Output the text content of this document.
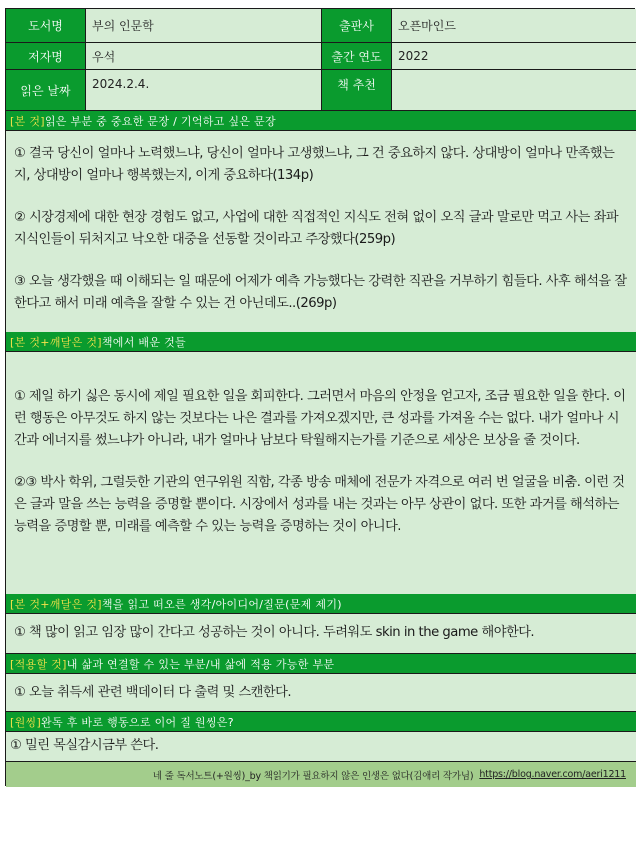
도서명	부의 인문학	출판사	오픈마인드
저자명	우석	출간 연도	2022
읽은 날짜	2024.2.4.	책 추천
[본 것] 읽은 부분 중 중요한 문장 / 기억하고 싶은 문장

① 결국 당신이 얼마나 노력했느냐, 당신이 얼마나 고생했느냐, 그 건 중요하지 않다. 상대방이 얼마나 만족했는지, 상대방이 얼마나 행복했는지, 이게 중요하다(134p)

② 시장경제에 대한 현장 경험도 없고, 사업에 대한 직접적인 지식도 전혀 없이 오직 글과 말로만 먹고 사는 좌파 지식인들이 뒤처지고 낙오한 대중을 선동할 것이라고 주장했다(259p)

③ 오늘 생각했을 때 이해되는 일 때문에 어제가 예측 가능했다는 강력한 직관을 거부하기 힘들다. 사후 해석을 잘한다고 해서 미래 예측을 잘할 수 있는 건 아닌데도..(269p)

[본 것+깨달은 것] 책에서 배운 것들

① 제일 하기 싫은 동시에 제일 필요한 일을 회피한다. 그러면서 마음의 안정을 얻고자, 조금 필요한 일을 한다. 이런 행동은 아무것도 하지 않는 것보다는 나은 결과를 가져오겠지만, 큰 성과를 가져올 수는 없다. 내가 얼마나 시간과 에너지를 썼느냐가 아니라, 내가 얼마나 남보다 탁월해지는가를 기준으로 세상은 보상을 줄 것이다.

②③ 박사 학위, 그럴듯한 기관의 연구위원 직함, 각종 방송 매체에 전문가 자격으로 여러 번 얼굴을 비춤. 이런 것은 글과 말을 쓰는 능력을 증명할 뿐이다. 시장에서 성과를 내는 것과는 아무 상관이 없다. 또한 과거를 해석하는 능력을 증명할 뿐, 미래를 예측할 수 있는 능력을 증명하는 것이 아니다.

[본 것+깨달은 것] 책을 읽고 떠오른 생각/아이디어/질문(문제 제기)

① 책 많이 읽고 임장 많이 간다고 성공하는 것이 아니다. 두려워도 skin in the game 해야한다.

[적용할 것] 내 삶과 연결할 수 있는 부분/내 삶에 적용 가능한 부분

① 오늘 취득세 관련 백데이터 다 출력 및 스캔한다.

[원씽] 완독 후 바로 행동으로 이어 질 원씽은?

① 밀린 목실감시금부 쓴다.

네 줄 독서노트(+원씽)_by 책읽기가 필요하지 않은 인생은 없다(김애리 작가님) https://blog.naver.com/aeri1211
